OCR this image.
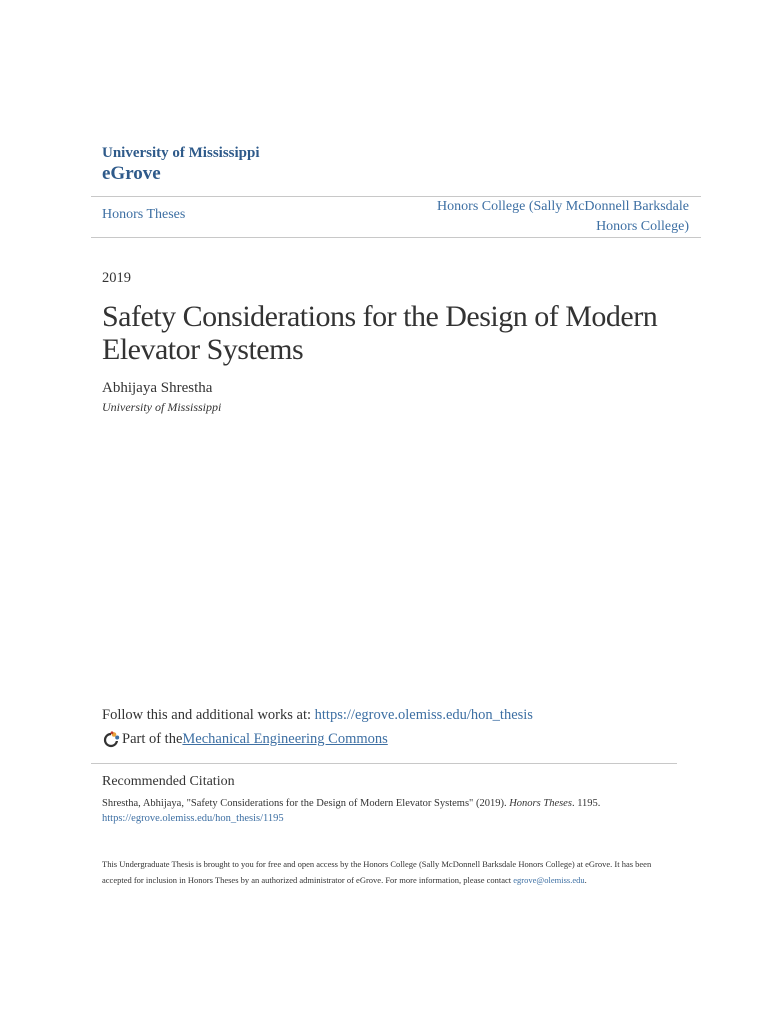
University of Mississippi
eGrove
Honors Theses
Honors College (Sally McDonnell Barksdale
Honors College)
2019
Safety Considerations for the Design of Modern Elevator Systems
Abhijaya Shrestha
University of Mississippi
Follow this and additional works at: https://egrove.olemiss.edu/hon_thesis
Part of the Mechanical Engineering Commons
Recommended Citation
Shrestha, Abhijaya, "Safety Considerations for the Design of Modern Elevator Systems" (2019). Honors Theses. 1195.
https://egrove.olemiss.edu/hon_thesis/1195
This Undergraduate Thesis is brought to you for free and open access by the Honors College (Sally McDonnell Barksdale Honors College) at eGrove. It has been accepted for inclusion in Honors Theses by an authorized administrator of eGrove. For more information, please contact egrove@olemiss.edu.
